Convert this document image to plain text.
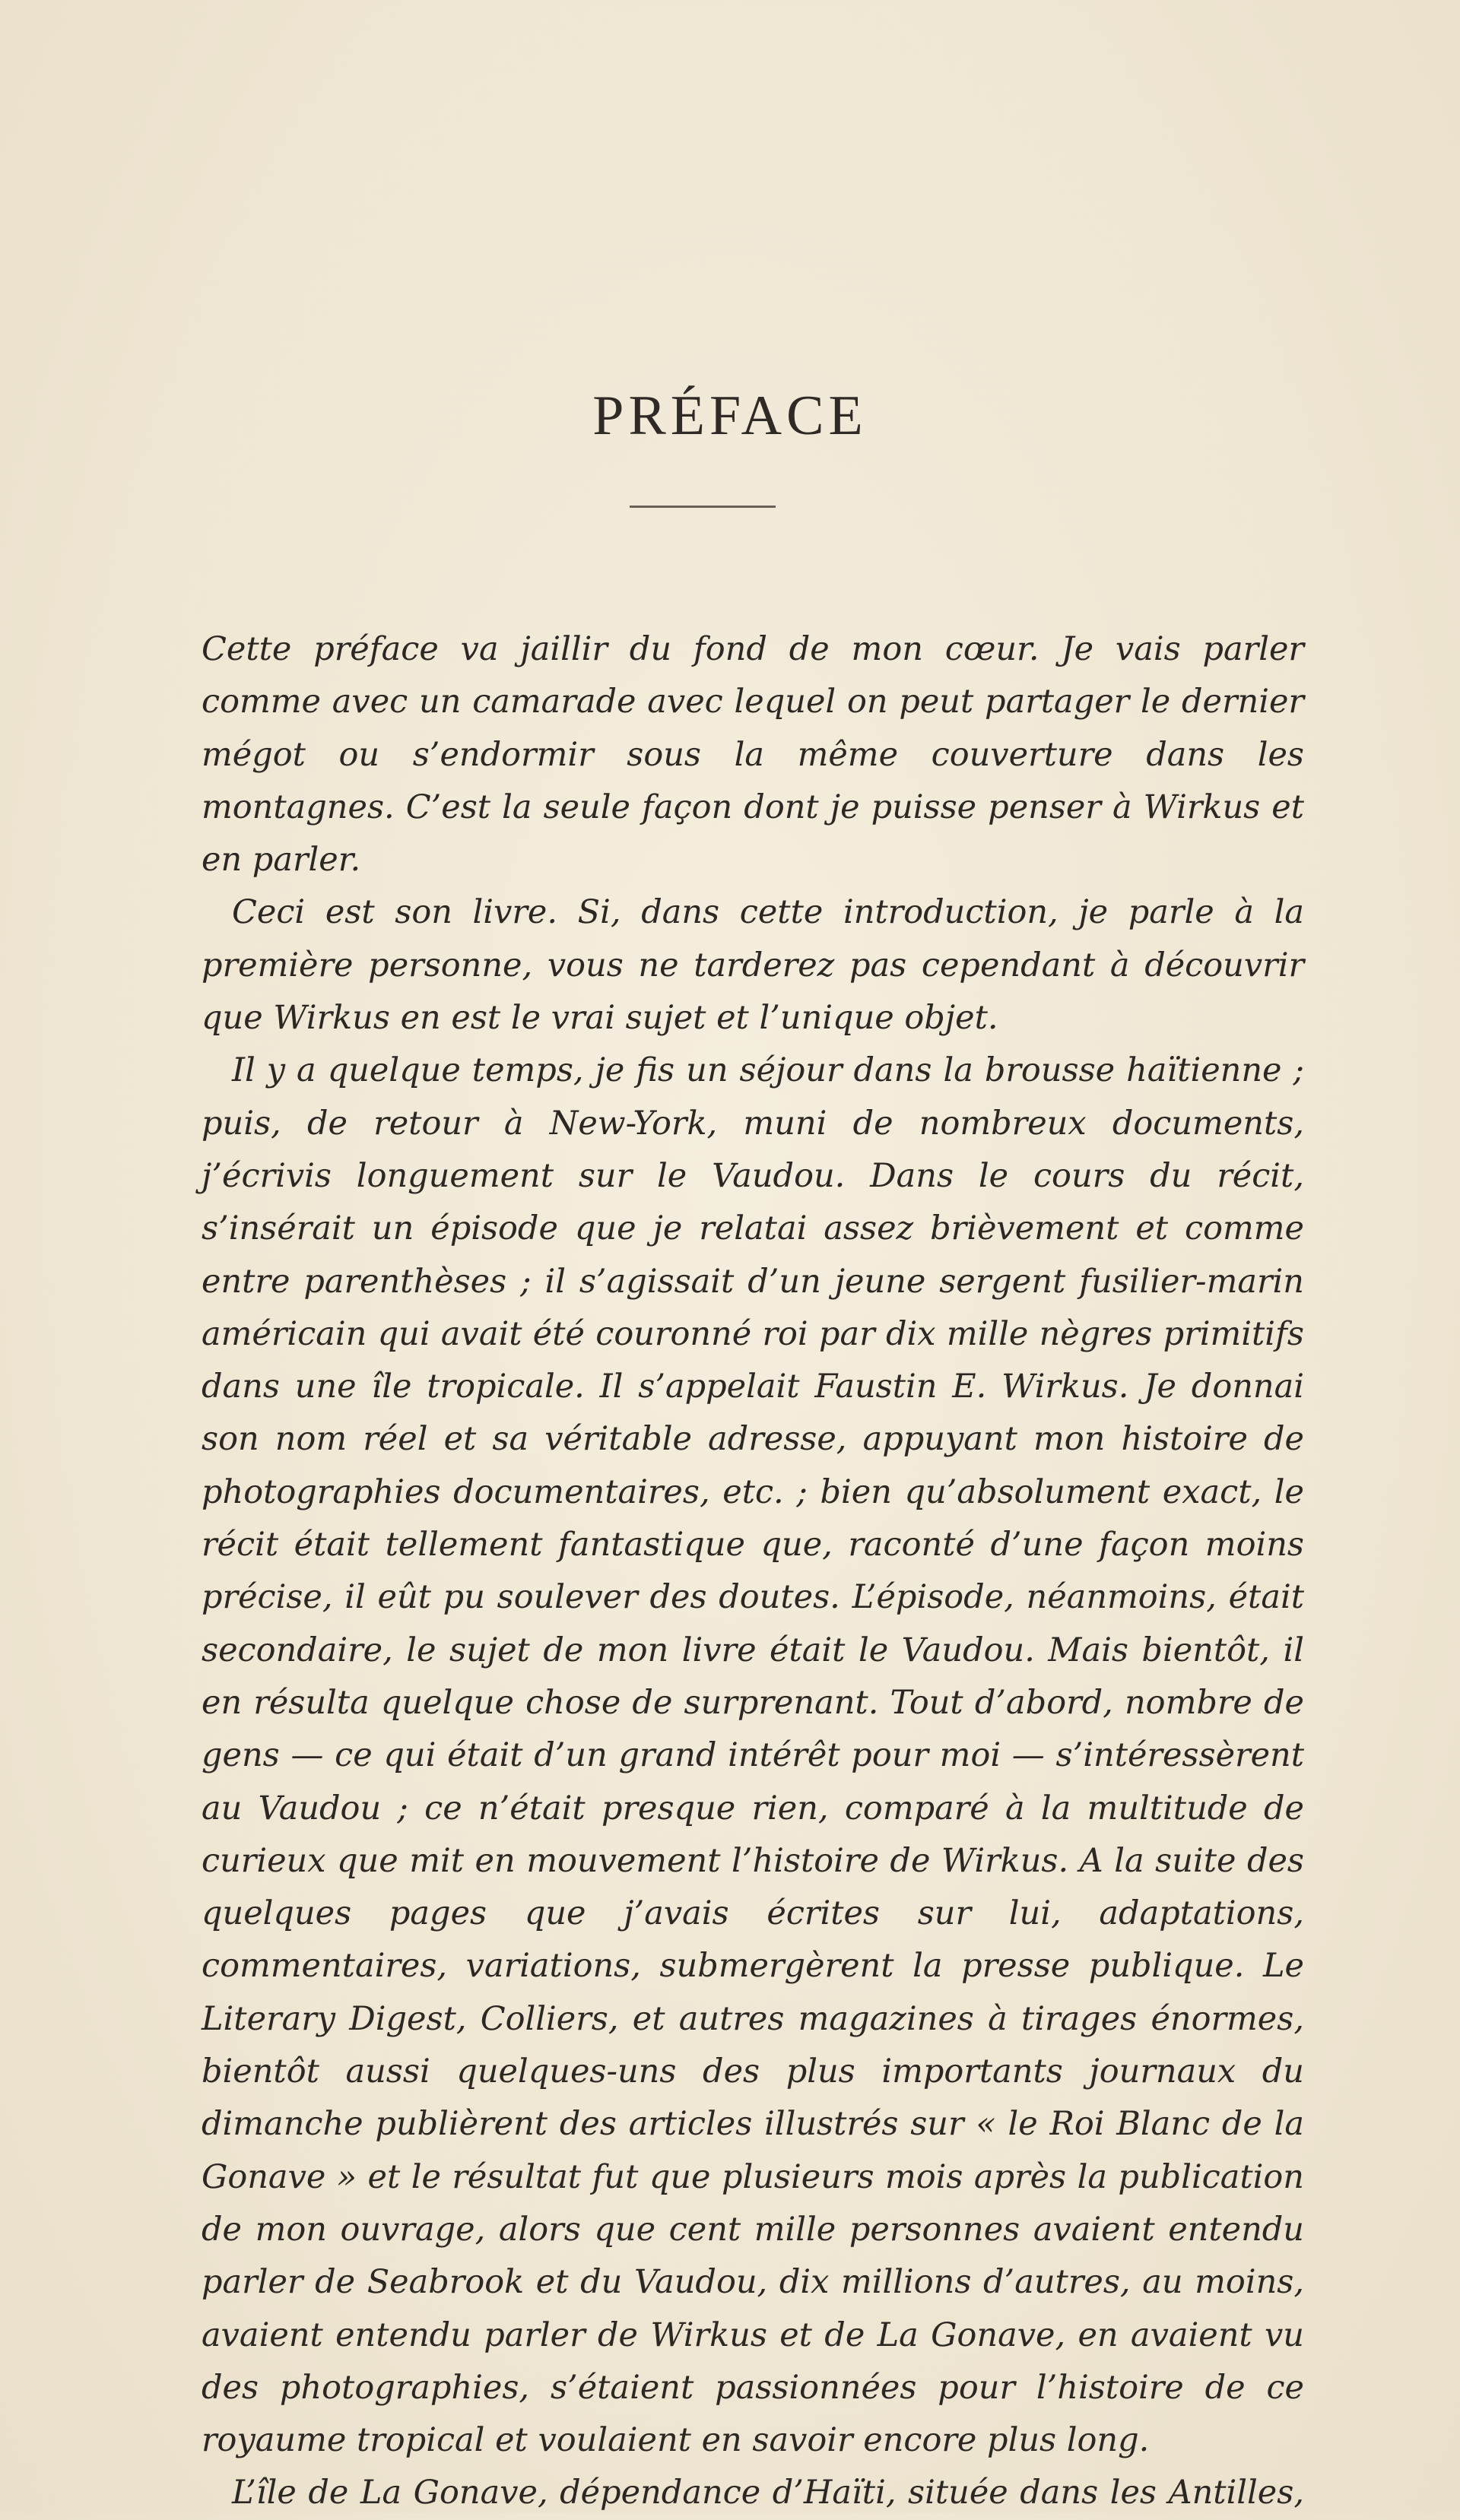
PRÉFACE

Cette préface va jaillir du fond de mon cœur. Je vais parler comme avec un camarade avec lequel on peut partager le dernier mégot ou s’endormir sous la même couverture dans les montagnes. C’est la seule façon dont je puisse penser à Wirkus et en parler.

Ceci est son livre. Si, dans cette introduction, je parle à la première personne, vous ne tarderez pas cependant à découvrir que Wirkus en est le vrai sujet et l’unique objet.

Il y a quelque temps, je fis un séjour dans la brousse haïtienne ; puis, de retour à New-York, muni de nombreux documents, j’écrivis longuement sur le Vaudou. Dans le cours du récit, s’insérait un épisode que je relatai assez brièvement et comme entre parenthèses ; il s’agissait d’un jeune sergent fusilier-marin américain qui avait été couronné roi par dix mille nègres primitifs dans une île tropicale. Il s’appelait Faustin E. Wirkus. Je donnai son nom réel et sa véritable adresse, appuyant mon histoire de photographies documentaires, etc. ; bien qu’absolument exact, le récit était tellement fantastique que, raconté d’une façon moins précise, il eût pu soulever des doutes. L’épisode, néanmoins, était secondaire, le sujet de mon livre était le Vaudou. Mais bientôt, il en résulta quelque chose de surprenant. Tout d’abord, nombre de gens — ce qui était d’un grand intérêt pour moi — s’intéressèrent au Vaudou ; ce n’était presque rien, comparé à la multitude de curieux que mit en mouvement l’histoire de Wirkus. A la suite des quelques pages que j’avais écrites sur lui, adaptations, commentaires, variations, submergèrent la presse publique. Le Literary Digest, Colliers, et autres magazines à tirages énormes, bientôt aussi quelques-uns des plus importants journaux du dimanche publièrent des articles illustrés sur « le Roi Blanc de la Gonave » et le résultat fut que plusieurs mois après la publication de mon ouvrage, alors que cent mille personnes avaient entendu parler de Seabrook et du Vaudou, dix millions d’autres, au moins, avaient entendu parler de Wirkus et de La Gonave, en avaient vu des photographies, s’étaient passionnées pour l’histoire de ce royaume tropical et voulaient en savoir encore plus long.

L’île de La Gonave, dépendance d’Haïti, située dans les Antilles,
